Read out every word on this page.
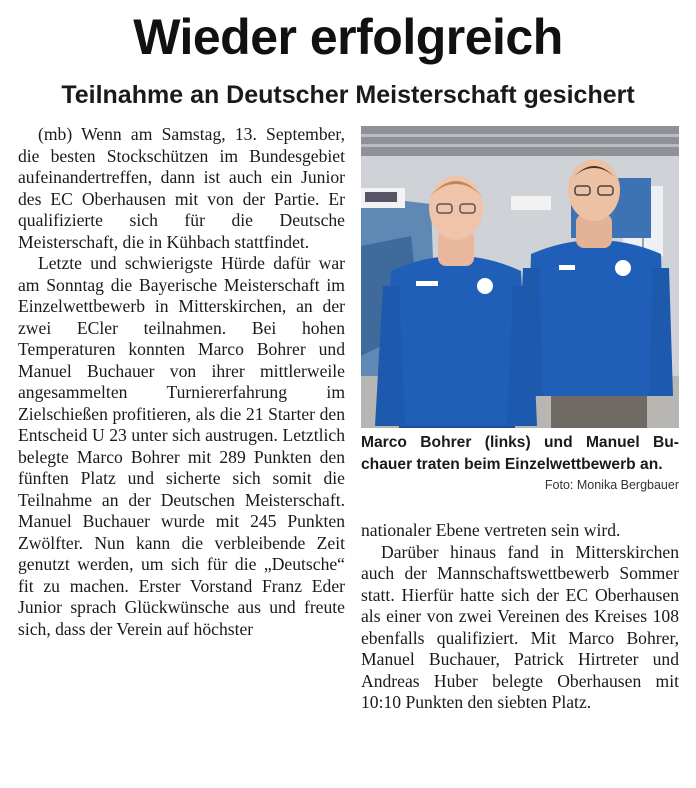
Wieder erfolgreich
Teilnahme an Deutscher Meisterschaft gesichert

(mb) Wenn am Samstag, 13. September, die besten Stockschützen im Bundesgebiet aufeinandertreffen, dann ist auch ein Junior des EC Oberhausen mit von der Partie. Er qualifizierte sich für die Deutsche Meisterschaft, die in Kühbach stattfindet.

Letzte und schwierigste Hürde dafür war am Sonntag die Bayerische Meisterschaft im Einzelwettbewerb in Mitterskirchen, an der zwei ECler teilnahmen. Bei hohen Temperaturen konnten Marco Bohrer und Manuel Buchauer von ihrer mittlerweile angesammelten Turniererfahrung im Zielschießen profitieren, als die 21 Starter den Entscheid U 23 unter sich austrugen. Letztlich belegte Marco Bohrer mit 289 Punkten den fünften Platz und sicherte sich somit die Teilnahme an der Deutschen Meisterschaft. Manuel Buchauer wurde mit 245 Punkten Zwölfter. Nun kann die verbleibende Zeit genutzt werden, um sich für die „Deutsche“ fit zu machen. Erster Vorstand Franz Eder Junior sprach Glückwünsche aus und freute sich, dass der Verein auf höchster

Marco Bohrer (links) und Manuel Buchauer traten beim Einzelwettbewerb an.
Foto: Monika Bergbauer

nationaler Ebene vertreten sein wird.

Darüber hinaus fand in Mitterskirchen auch der Mannschaftswettbewerb Sommer statt. Hierfür hatte sich der EC Oberhausen als einer von zwei Vereinen des Kreises 108 ebenfalls qualifiziert. Mit Marco Bohrer, Manuel Buchauer, Patrick Hirtreter und Andreas Huber belegte Oberhausen mit 10:10 Punkten den siebten Platz.
